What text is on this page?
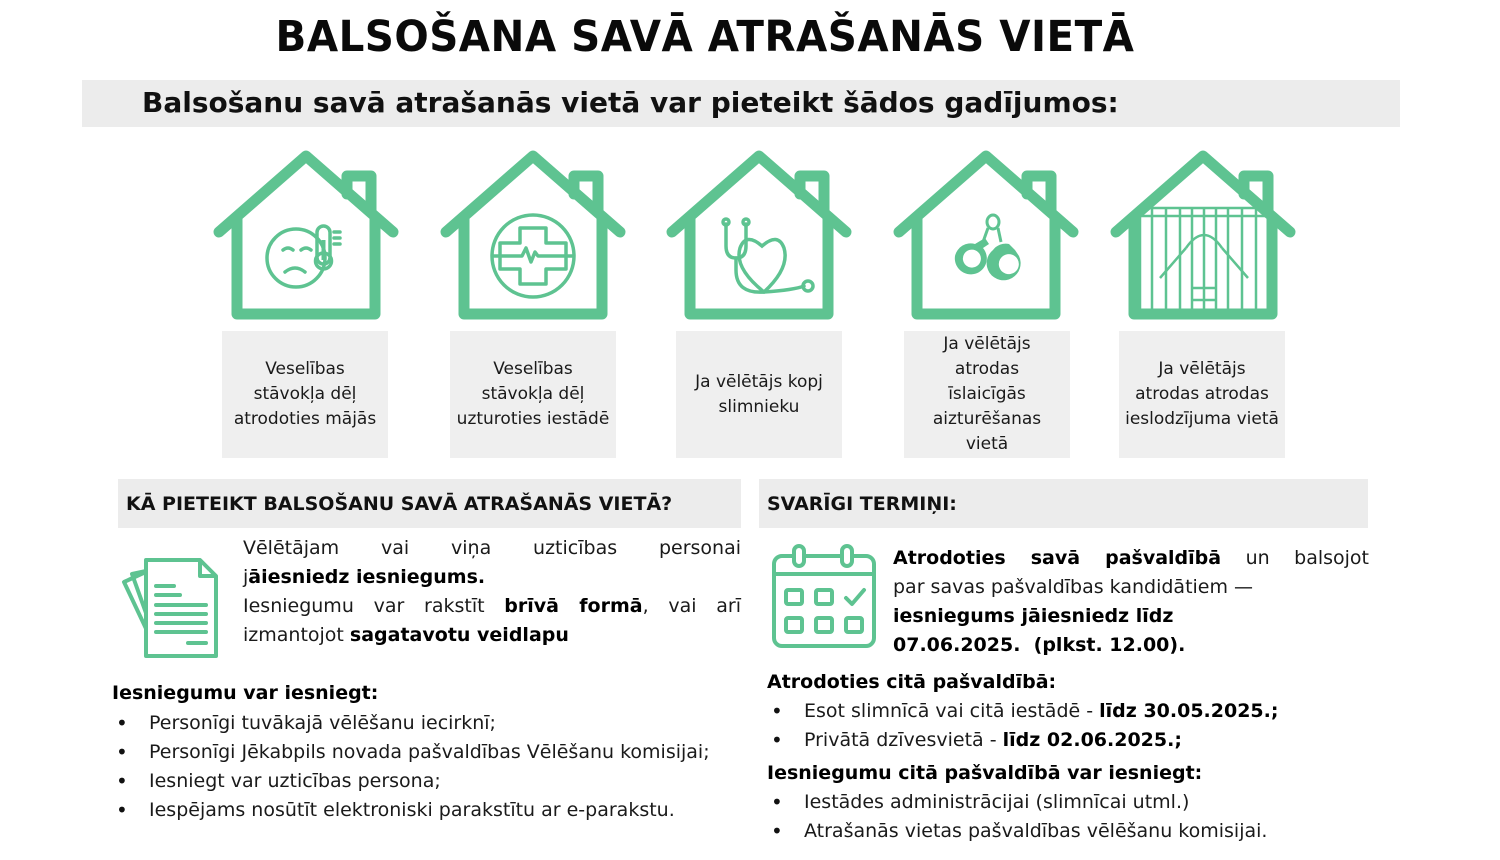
BALSOŠANA SAVĀ ATRAŠANĀS VIETĀ
Balsošanu savā atrašanās vietā var pieteikt šādos gadījumos:
Veselības stāvokļa dēļ atrodoties mājās
Veselības stāvokļa dēļ uzturoties iestādē
Ja vēlētājs kopj slimnieku
Ja vēlētājs atrodas īslaicīgās aizturēšanas vietā
Ja vēlētājs atrodas atrodas ieslodzījuma vietā
KĀ PIETEIKT BALSOŠANU SAVĀ ATRAŠANĀS VIETĀ?
Vēlētājam vai viņa uzticības personai
jāiesniedz iesniegums.
Iesniegumu var rakstīt brīvā formā, vai arī
izmantojot sagatavotu veidlapu
Iesniegumu var iesniegt:
• Personīgi tuvākajā vēlēšanu iecirknī;
• Personīgi Jēkabpils novada pašvaldības Vēlēšanu komisijai;
• Iesniegt var uzticības persona;
• Iespējams nosūtīt elektroniski parakstītu ar e-parakstu.
SVARĪGI TERMIŅI:
Atrodoties savā pašvaldībā un balsojot
par savas pašvaldības kandidātiem —
iesniegums jāiesniedz līdz
07.06.2025.  (plkst. 12.00).
Atrodoties citā pašvaldībā:
• Esot slimnīcā vai citā iestādē - līdz 30.05.2025.;
• Privātā dzīvesvietā - līdz 02.06.2025.;
Iesniegumu citā pašvaldībā var iesniegt:
• Iestādes administrācijai (slimnīcai utml.)
• Atrašanās vietas pašvaldības vēlēšanu komisijai.
